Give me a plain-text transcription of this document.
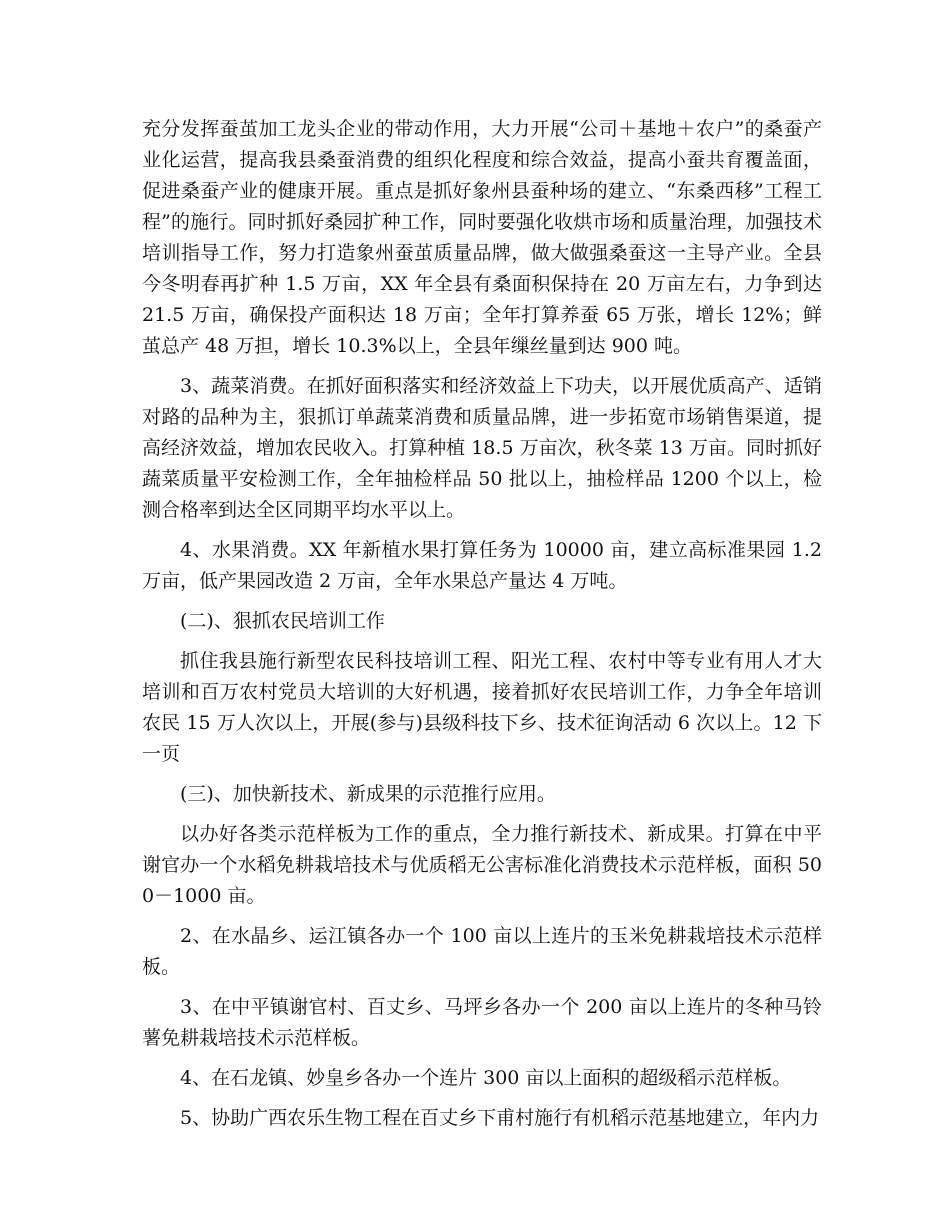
充分发挥蚕茧加工龙头企业的带动作用，大力开展“公司＋基地＋农户”的桑蚕产业化运营，提高我县桑蚕消费的组织化程度和综合效益，提高小蚕共育覆盖面，促进桑蚕产业的健康开展。重点是抓好象州县蚕种场的建立、“东桑西移”工程工程”的施行。同时抓好桑园扩种工作，同时要强化收烘市场和质量治理，加强技术培训指导工作，努力打造象州蚕茧质量品牌，做大做强桑蚕这一主导产业。全县今冬明春再扩种 1.5 万亩，XX 年全县有桑面积保持在 20 万亩左右，力争到达 21.5 万亩，确保投产面积达 18 万亩；全年打算养蚕 65 万张，增长 12%；鲜茧总产 48 万担，增长 10.3%以上，全县年缫丝量到达 900 吨。

3、蔬菜消费。在抓好面积落实和经济效益上下功夫，以开展优质高产、适销对路的品种为主，狠抓订单蔬菜消费和质量品牌，进一步拓宽市场销售渠道，提高经济效益，增加农民收入。打算种植 18.5 万亩次，秋冬菜 13 万亩。同时抓好蔬菜质量平安检测工作，全年抽检样品 50 批以上，抽检样品 1200 个以上，检测合格率到达全区同期平均水平以上。

4、水果消费。XX 年新植水果打算任务为 10000 亩，建立高标准果园 1.2 万亩，低产果园改造 2 万亩，全年水果总产量达 4 万吨。

(二)、狠抓农民培训工作

抓住我县施行新型农民科技培训工程、阳光工程、农村中等专业有用人才大培训和百万农村党员大培训的大好机遇，接着抓好农民培训工作，力争全年培训农民 15 万人次以上，开展(参与)县级科技下乡、技术征询活动 6 次以上。12 下一页

(三)、加快新技术、新成果的示范推行应用。

以办好各类示范样板为工作的重点，全力推行新技术、新成果。打算在中平谢官办一个水稻免耕栽培技术与优质稻无公害标准化消费技术示范样板，面积 500－1000 亩。

2、在水晶乡、运江镇各办一个 100 亩以上连片的玉米免耕栽培技术示范样板。

3、在中平镇谢官村、百丈乡、马坪乡各办一个 200 亩以上连片的冬种马铃薯免耕栽培技术示范样板。

4、在石龙镇、妙皇乡各办一个连片 300 亩以上面积的超级稻示范样板。

5、协助广西农乐生物工程在百丈乡下甫村施行有机稻示范基地建立，年内力
